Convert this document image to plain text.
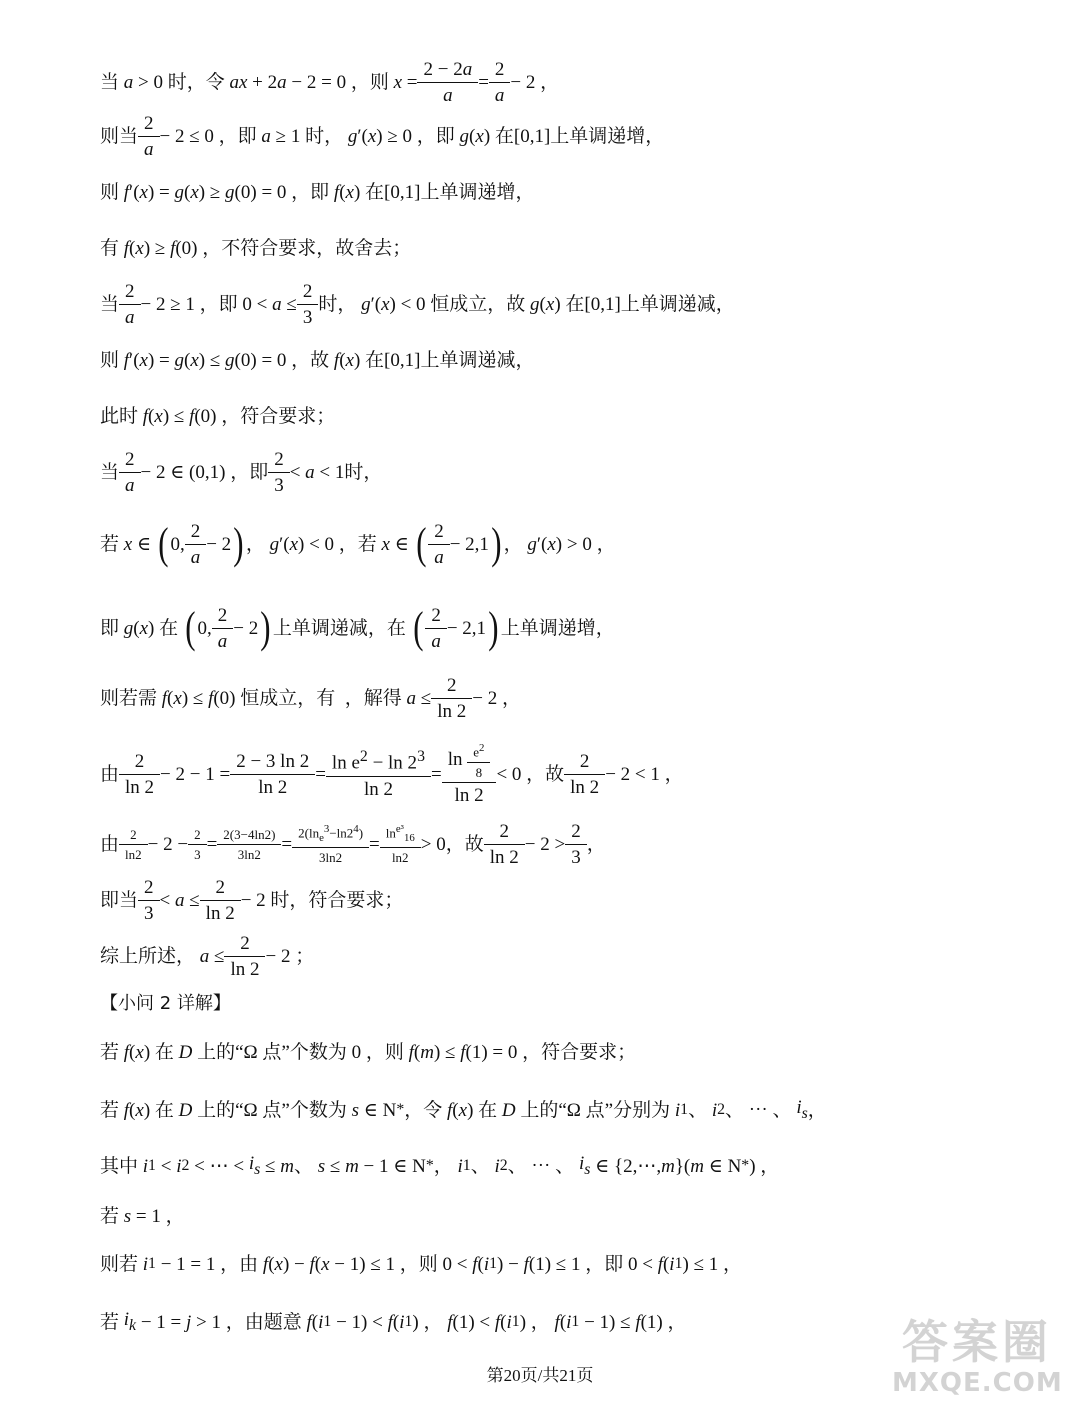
当
a > 0 时，令 ax + 2 a − 2 = 0 ，则 $x = \frac{2 - 2a}{a} = \frac{2}{a} - 2$ ，
则当 $\frac{2}{a} - 2 \le 0$ ，即 a ≥ 1 时， g ′( x ) ≥ 0 ，即 g ( x ) 在[0,1]上单调递增，
则 f ′( x ) = g ( x ) ≥ g (0) = 0 ，即 f ( x ) 在[0,1]上单调递增，
有 f ( x ) ≥ f (0) ，不符合要求，故舍去；
当 $\frac{2}{a} - 2 \ge 1$ ，即 $0 < a \le \frac{2}{3}$ 时， g ′( x ) < 0 恒成立，故 g ( x ) 在[0,1]上单调递减，
则 f ′( x ) = g ( x ) ≤ g (0) = 0 ，故 f ( x ) 在[0,1]上单调递减，
此时 f ( x ) ≤ f (0) ，符合要求；
当 $\frac{2}{a} - 2$ ∈ (0,1) ，即 $\frac{2}{3} < a < 1$时，
若 x ∈ ( 0, $\frac{2}{a} - 2$ ) ， g ′( x ) < 0 ，若 x ∈ ( $\frac{2}{a} - 2,1$ ) ， g ′( x ) > 0 ，
即 g ( x ) 在 ( 0, $\frac{2}{a} - 2$ ) 上单调递减，在 ( $\frac{2}{a} - 2,1$ ) 上单调递增，
则若需 f ( x ) ≤ f (0) 恒成立，有  ，解得 $a \le \frac{2}{\ln 2} - 2$ ，
由 $\frac{2}{\ln 2} - 2 - 1 = \frac{2 - 3 \ln 2}{\ln 2} = \frac{\ln e^2 - \ln 2^3}{\ln 2} = \frac{\ln \frac{e^2}{8}}{\ln 2} < 0$ ，故 $\frac{2}{\ln 2} - 2 < 1$ ，
由 $\frac{2}{\ln 2} - 2 - \frac{2}{3} = \frac{2(3-4\ln 2)}{3\ln 2} = \frac{2(\ln_e^3-\ln 2^4)}{3\ln 2} = \frac{\ln^{e^3}_{16}}{\ln 2} > 0$，故 $\frac{2}{\ln 2} - 2 > \frac{2}{3}$ ，
即当 $\frac{2}{3} < a \le \frac{2}{\ln 2} - 2$ 时，符合要求；
综上所述， $a \le \frac{2}{\ln 2} - 2$ ；
【小问 2 详解】
若 f ( x ) 在 D 上的“Ω 点”个数为 0 ，则 f ( m ) ≤ f (1) = 0 ，符合要求；
若 f ( x ) 在 D 上的“Ω 点”个数为 s ∈ N * ，令 f ( x ) 在 D 上的“Ω 点”分别为 i 1 、 i 2 、 ⋯ 、 $i_s$ ，
其中 i 1 < i 2 < ⋯ < $i_s \le m$ 、 s ≤ m − 1 ∈ N * ， i 1 、 i 2 、 ⋯ 、 $i_s$ ∈ {2,⋯, m }( m ∈ N * ) ，
若 s = 1 ，
则若 i 1 − 1 = 1 ，由 f ( x ) − f ( x − 1) ≤ 1 ，则 0 < f ( i 1 ) − f (1) ≤ 1 ，即 0 < f ( i 1 ) ≤ 1 ，
若 $i_k - 1 = j > 1$ ，由题意 f ( i 1 − 1) < f ( i 1 ) ， f (1) < f ( i 1 ) ， f ( i 1 − 1) ≤ f (1) ，
第20页/共21页
答案圈
MXQE.COM
